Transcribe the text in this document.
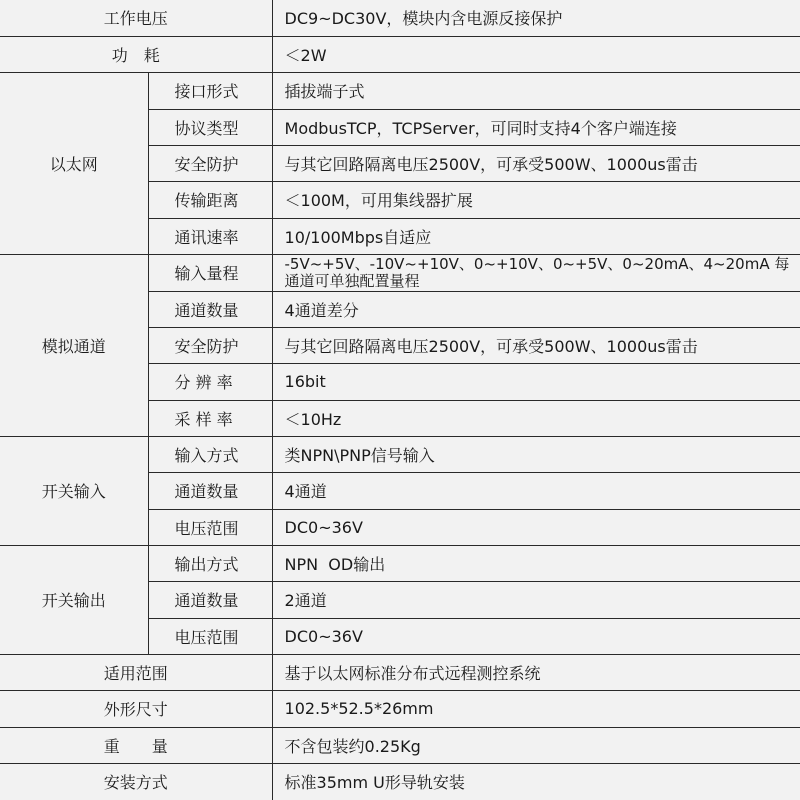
工作电压		DC9~DC30V，模块内含电源反接保护
功　耗		＜2W
以太网	接口形式	插拔端子式
	协议类型	ModbusTCP，TCPServer，可同时支持4个客户端连接
	安全防护	与其它回路隔离电压2500V，可承受500W、1000us雷击
	传输距离	＜100M，可用集线器扩展
	通讯速率	10/100Mbps自适应
模拟通道	输入量程	-5V~+5V、-10V~+10V、0~+10V、0~+5V、0~20mA、4~20mA 每通道可单独配置量程
	通道数量	4通道差分
	安全防护	与其它回路隔离电压2500V，可承受500W、1000us雷击
	分 辨 率	16bit
	采 样 率	＜10Hz
开关输入	输入方式	类NPN\PNP信号输入
	通道数量	4通道
	电压范围	DC0~36V
开关输出	输出方式	NPN  OD输出
	通道数量	2通道
	电压范围	DC0~36V
适用范围		基于以太网标准分布式远程测控系统
外形尺寸		102.5*52.5*26mm
重　　量		不含包装约0.25Kg
安装方式		标准35mm U形导轨安装
